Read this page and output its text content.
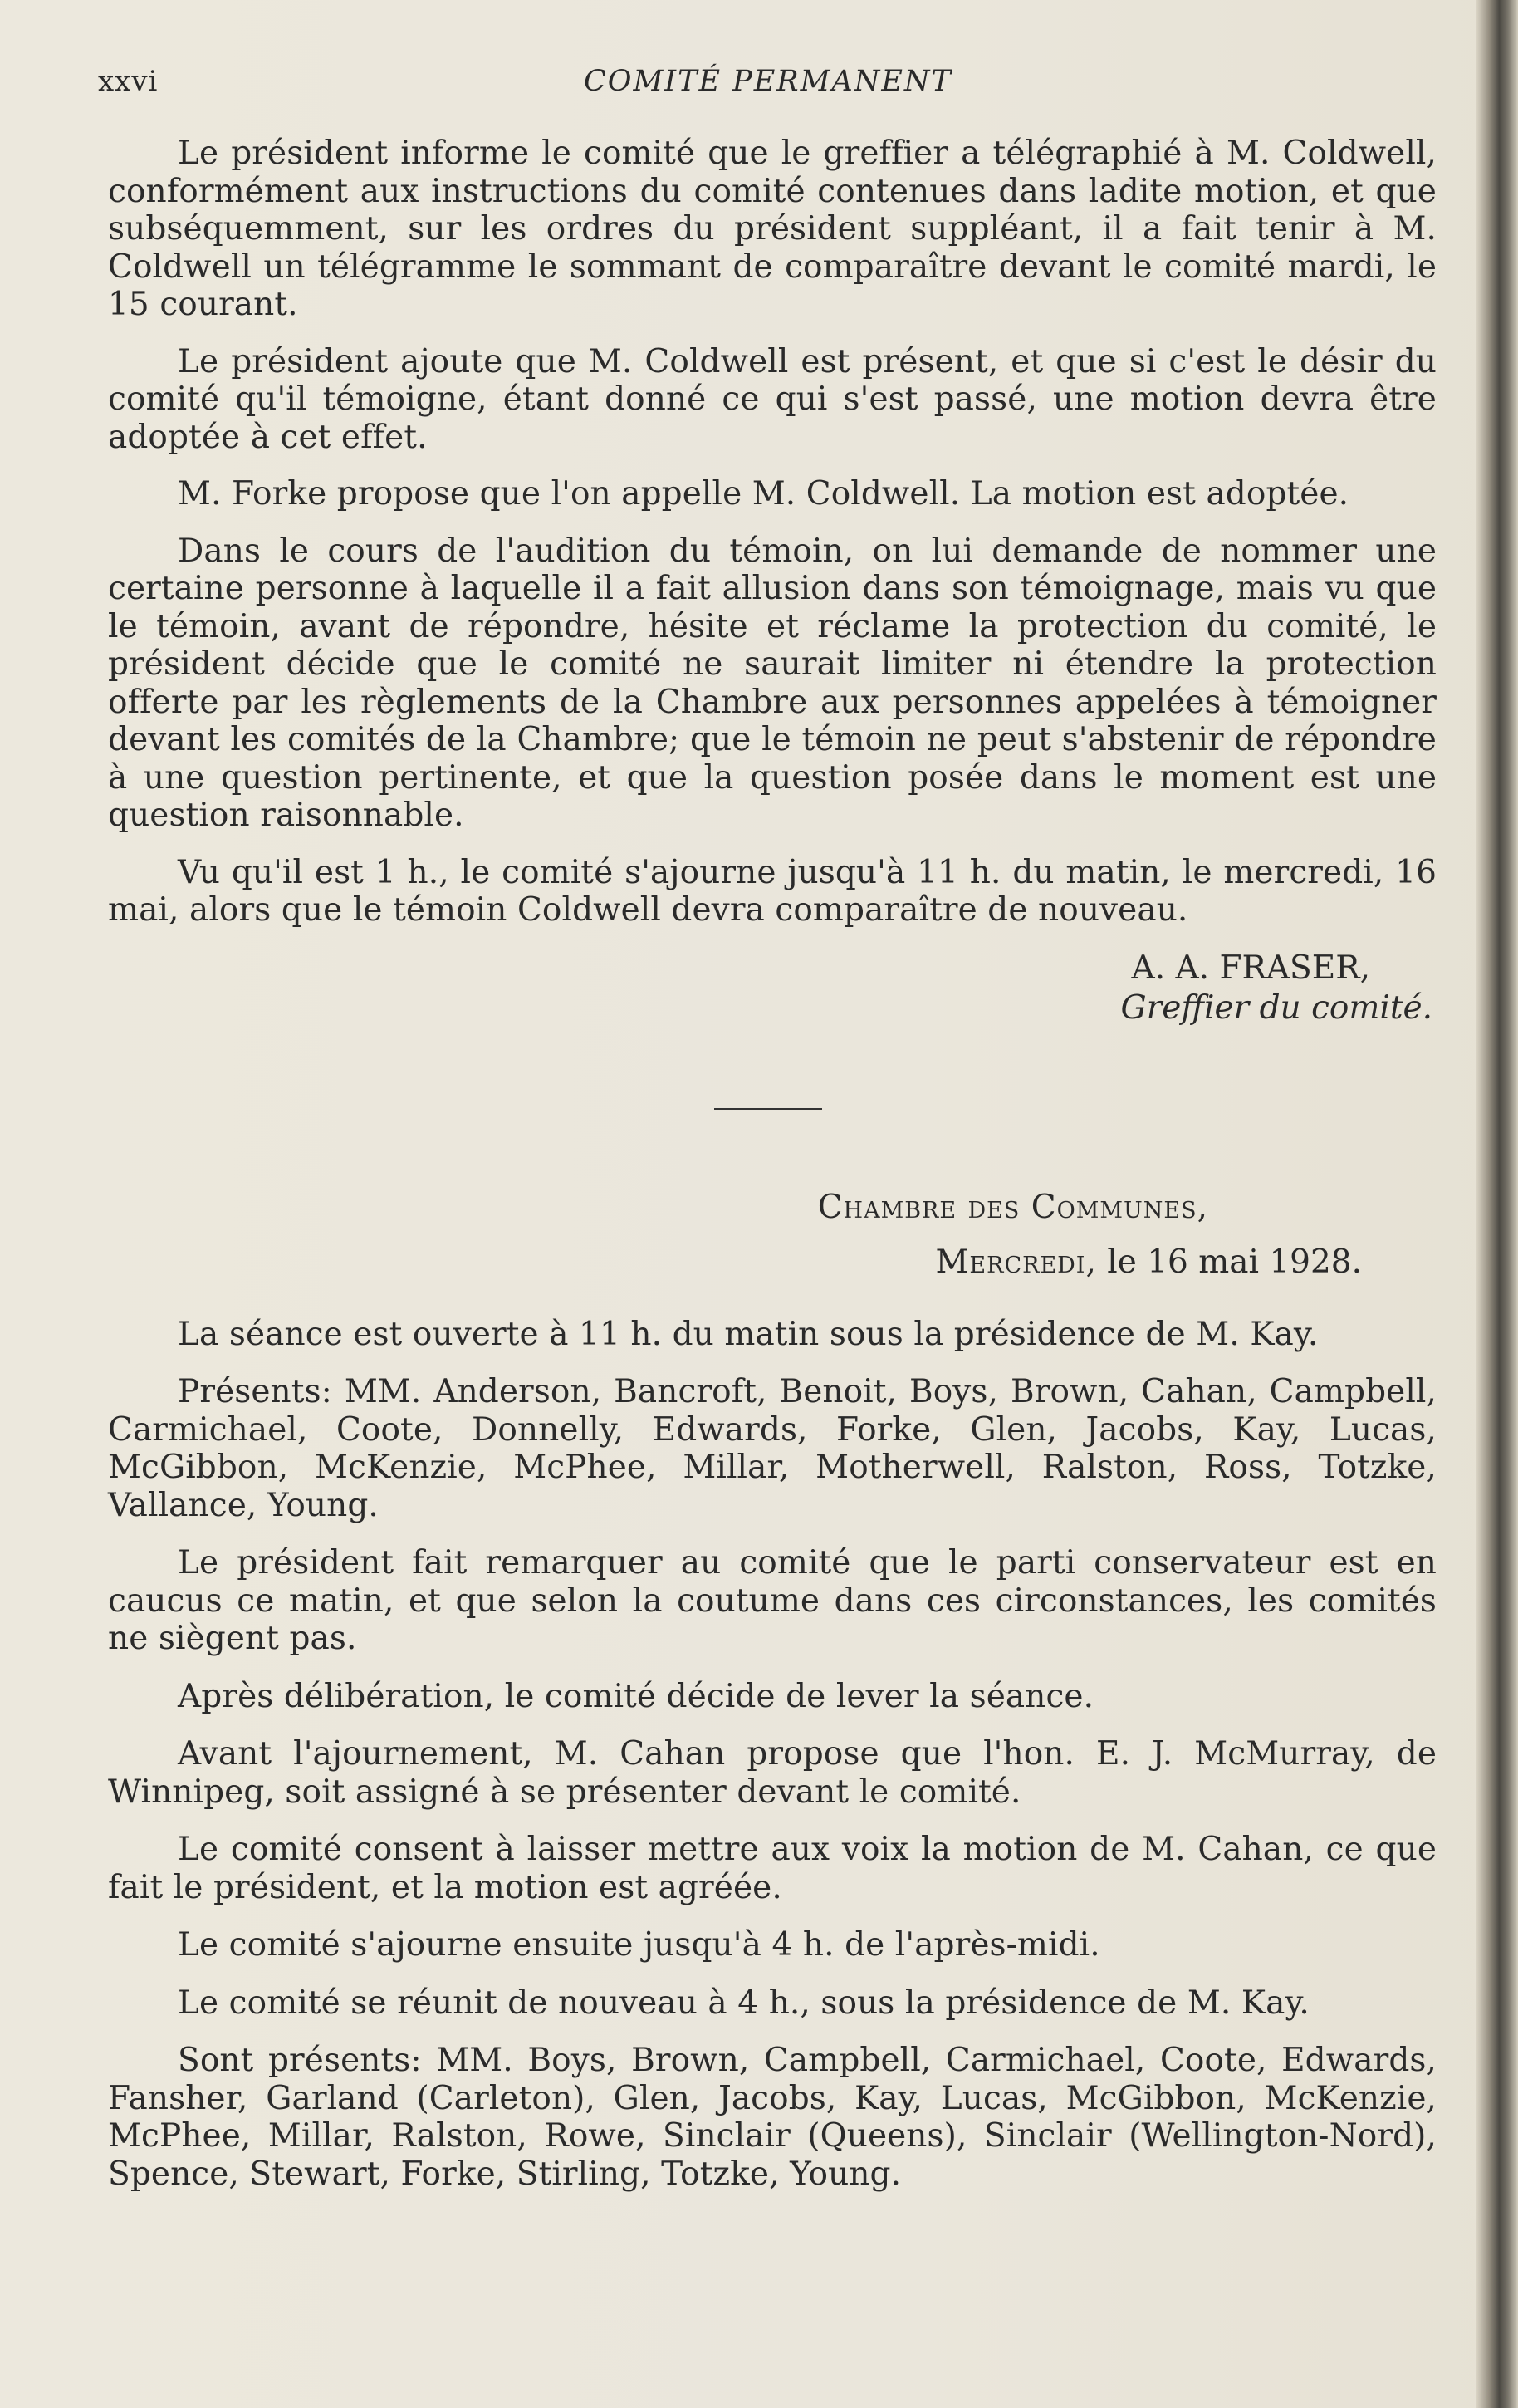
xxvi	COMITÉ PERMANENT

Le président informe le comité que le greffier a télégraphié à M. Coldwell, conformément aux instructions du comité contenues dans ladite motion, et que subséquemment, sur les ordres du président suppléant, il a fait tenir à M. Coldwell un télégramme le sommant de comparaître devant le comité mardi, le 15 courant.

Le président ajoute que M. Coldwell est présent, et que si c'est le désir du comité qu'il témoigne, étant donné ce qui s'est passé, une motion devra être adoptée à cet effet.

M. Forke propose que l'on appelle M. Coldwell. La motion est adoptée.

Dans le cours de l'audition du témoin, on lui demande de nommer une certaine personne à laquelle il a fait allusion dans son témoignage, mais vu que le témoin, avant de répondre, hésite et réclame la protection du comité, le président décide que le comité ne saurait limiter ni étendre la protection offerte par les règlements de la Chambre aux personnes appelées à témoigner devant les comités de la Chambre; que le témoin ne peut s'abstenir de répondre à une question pertinente, et que la question posée dans le moment est une question raisonnable.

Vu qu'il est 1 h., le comité s'ajourne jusqu'à 11 h. du matin, le mercredi, 16 mai, alors que le témoin Coldwell devra comparaître de nouveau.

A. A. FRASER,
Greffier du comité.
Chambre des Communes,
Mercredi, le 16 mai 1928.

La séance est ouverte à 11 h. du matin sous la présidence de M. Kay.

Présents: MM. Anderson, Bancroft, Benoit, Boys, Brown, Cahan, Campbell, Carmichael, Coote, Donnelly, Edwards, Forke, Glen, Jacobs, Kay, Lucas, McGibbon, McKenzie, McPhee, Millar, Motherwell, Ralston, Ross, Totzke, Vallance, Young.

Le président fait remarquer au comité que le parti conservateur est en caucus ce matin, et que selon la coutume dans ces circonstances, les comités ne siègent pas.

Après délibération, le comité décide de lever la séance.

Avant l'ajournement, M. Cahan propose que l'hon. E. J. McMurray, de Winnipeg, soit assigné à se présenter devant le comité.

Le comité consent à laisser mettre aux voix la motion de M. Cahan, ce que fait le président, et la motion est agréée.

Le comité s'ajourne ensuite jusqu'à 4 h. de l'après-midi.

Le comité se réunit de nouveau à 4 h., sous la présidence de M. Kay.

Sont présents: MM. Boys, Brown, Campbell, Carmichael, Coote, Edwards, Fansher, Garland (Carleton), Glen, Jacobs, Kay, Lucas, McGibbon, McKenzie, McPhee, Millar, Ralston, Rowe, Sinclair (Queens), Sinclair (Wellington-Nord), Spence, Stewart, Forke, Stirling, Totzke, Young.
